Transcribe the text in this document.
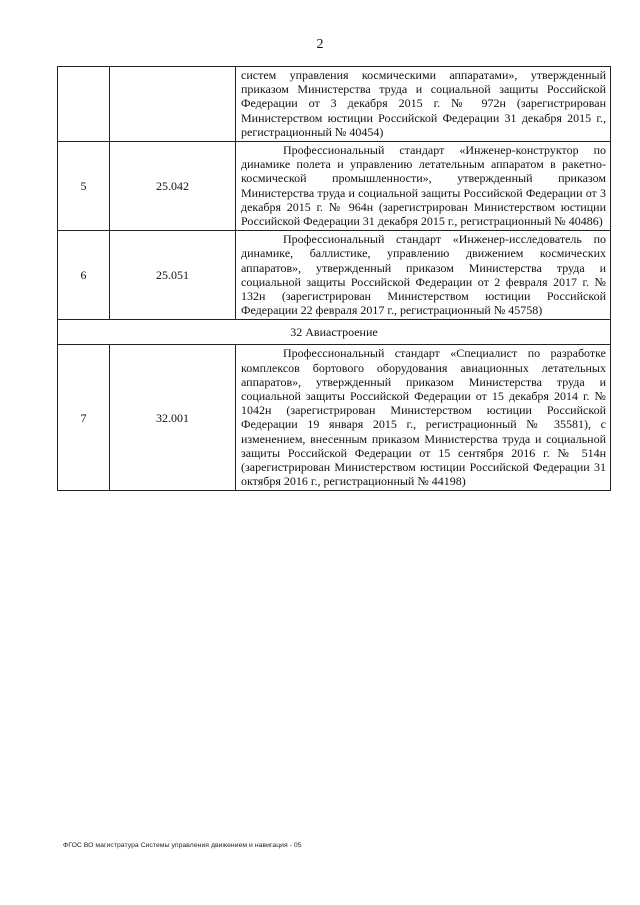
2
		систем управления космическими аппаратами», утвержденный приказом Министерства труда и социальной защиты Российской Федерации от 3 декабря 2015 г. № 972н (зарегистрирован Министерством юстиции Российской Федерации 31 декабря 2015 г., регистрационный № 40454)
5	25.042	Профессиональный стандарт «Инженер-конструктор по динамике полета и управлению летательным аппаратом в ракетно-космической промышленности», утвержденный приказом Министерства труда и социальной защиты Российской Федерации от 3 декабря 2015 г. № 964н (зарегистрирован Министерством юстиции Российской Федерации 31 декабря 2015 г., регистрационный № 40486)
6	25.051	Профессиональный стандарт «Инженер-исследователь по динамике, баллистике, управлению движением космических аппаратов», утвержденный приказом Министерства труда и социальной защиты Российской Федерации от 2 февраля 2017 г. № 132н (зарегистрирован Министерством юстиции Российской Федерации 22 февраля 2017 г., регистрационный № 45758)
32 Авиастроение		
7	32.001	Профессиональный стандарт «Специалист по разработке комплексов бортового оборудования авиационных летательных аппаратов», утвержденный приказом Министерства труда и социальной защиты Российской Федерации от 15 декабря 2014 г. № 1042н (зарегистрирован Министерством юстиции Российской Федерации 19 января 2015 г., регистрационный № 35581), с изменением, внесенным приказом Министерства труда и социальной защиты Российской Федерации от 15 сентября 2016 г. № 514н (зарегистрирован Министерством юстиции Российской Федерации 31 октября 2016 г., регистрационный № 44198)
ФГОС ВО магистратура Системы управления движением и навигация - 05
